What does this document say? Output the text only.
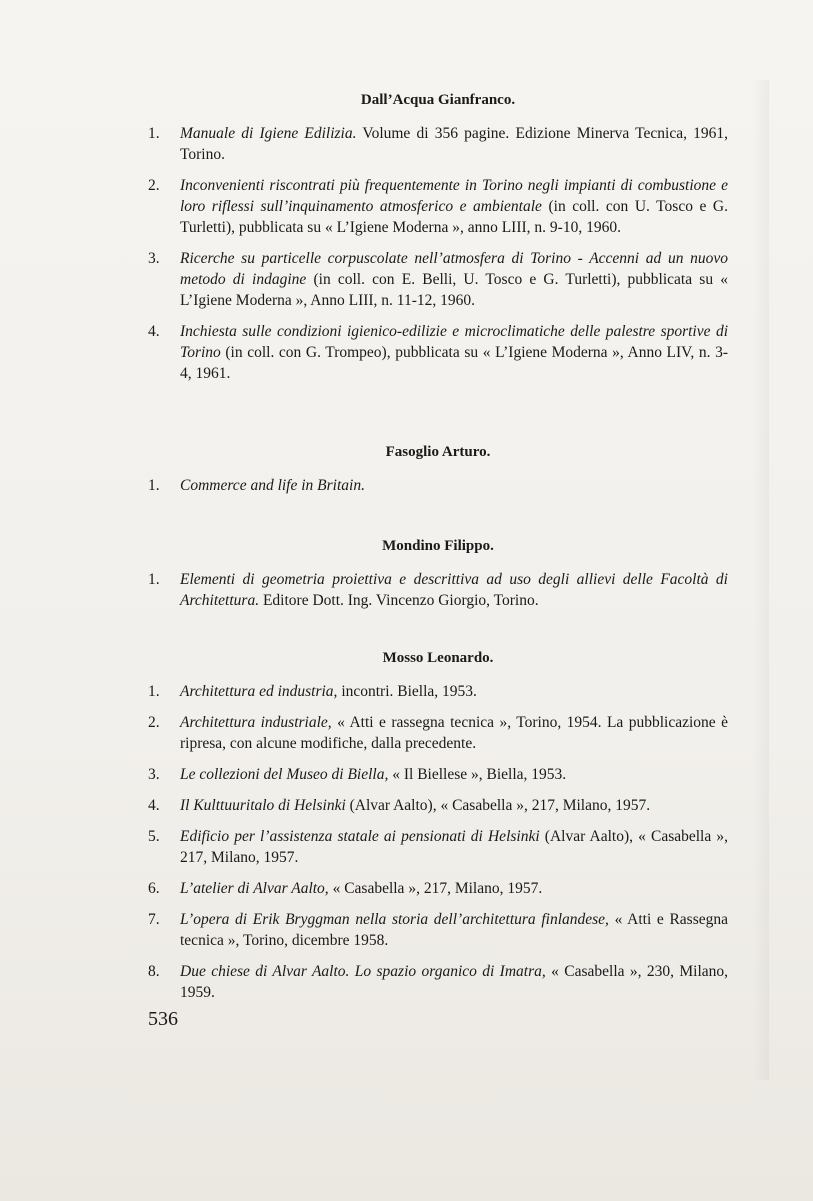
Dall’Acqua Gianfranco.
1. Manuale di Igiene Edilizia. Volume di 356 pagine. Edizione Minerva Tecnica, 1961, Torino.
2. Inconvenienti riscontrati più frequentemente in Torino negli impianti di combustione e loro riflessi sull’inquinamento atmosferico e ambientale (in coll. con U. Tosco e G. Turletti), pubblicata su « L’Igiene Moderna », anno LIII, n. 9-10, 1960.
3. Ricerche su particelle corpuscolate nell’atmosfera di Torino - Accenni ad un nuovo metodo di indagine (in coll. con E. Belli, U. Tosco e G. Turletti), pubblicata su « L’Igiene Moderna », Anno LIII, n. 11-12, 1960.
4. Inchiesta sulle condizioni igienico-edilizie e microclimatiche delle palestre sportive di Torino (in coll. con G. Trompeo), pubblicata su « L’Igiene Moderna », Anno LIV, n. 3-4, 1961.
Fasoglio Arturo.
1. Commerce and life in Britain.
Mondino Filippo.
1. Elementi di geometria proiettiva e descrittiva ad uso degli allievi delle Facoltà di Architettura. Editore Dott. Ing. Vincenzo Giorgio, Torino.
Mosso Leonardo.
1. Architettura ed industria, incontri. Biella, 1953.
2. Architettura industriale, « Atti e rassegna tecnica », Torino, 1954. La pubblicazione è ripresa, con alcune modifiche, dalla precedente.
3. Le collezioni del Museo di Biella, « Il Biellese », Biella, 1953.
4. Il Kulttuuritalo di Helsinki (Alvar Aalto), « Casabella », 217, Milano, 1957.
5. Edificio per l’assistenza statale ai pensionati di Helsinki (Alvar Aalto), « Casabella », 217, Milano, 1957.
6. L’atelier di Alvar Aalto, « Casabella », 217, Milano, 1957.
7. L’opera di Erik Bryggman nella storia dell’architettura finlandese, « Atti e Rassegna tecnica », Torino, dicembre 1958.
8. Due chiese di Alvar Aalto. Lo spazio organico di Imatra, « Casabella », 230, Milano, 1959.
536
